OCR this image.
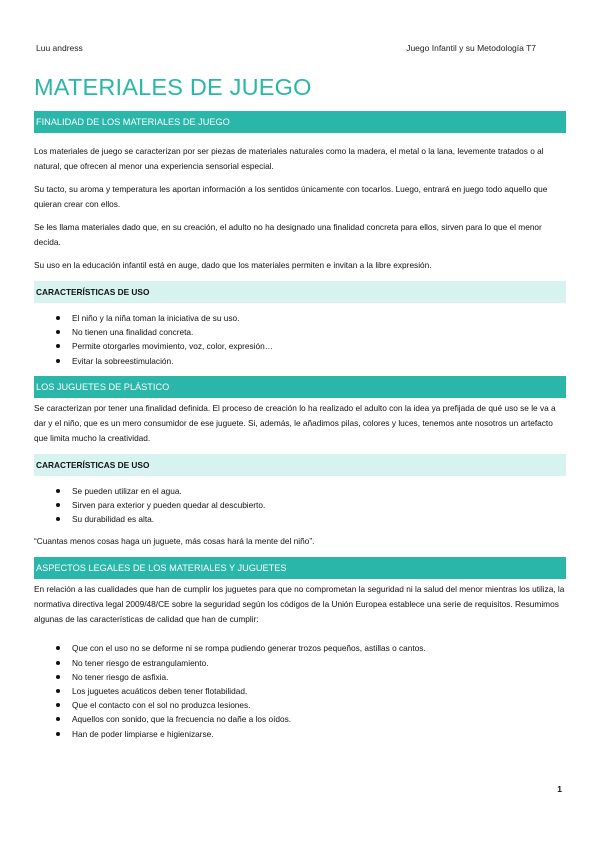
Luu andress	Juego Infantil y su Metodología T7
MATERIALES DE JUEGO
FINALIDAD DE LOS MATERIALES DE JUEGO

Los materiales de juego se caracterizan por ser piezas de materiales naturales como la madera, el metal o la lana, levemente tratados o al natural, que ofrecen al menor una experiencia sensorial especial.

Su tacto, su aroma y temperatura les aportan información a los sentidos únicamente con tocarlos. Luego, entrará en juego todo aquello que quieran crear con ellos.

Se les llama materiales dado que, en su creación, el adulto no ha designado una finalidad concreta para ellos, sirven para lo que el menor decida.

Su uso en la educación infantil está en auge, dado que los materiales permiten e invitan a la libre expresión.

CARACTERÍSTICAS DE USO
El niño y la niña toman la iniciativa de su uso.
No tienen una finalidad concreta.
Permite otorgarles movimiento, voz, color, expresión…
Evitar la sobreestimulación.
LOS JUGUETES DE PLÁSTICO

Se caracterizan por tener una finalidad definida. El proceso de creación lo ha realizado el adulto con la idea ya prefijada de qué uso se le va a dar y el niño, que es un mero consumidor de ese juguete. Si, además, le añadimos pilas, colores y luces, tenemos ante nosotros un artefacto que limita mucho la creatividad.

CARACTERÍSTICAS DE USO
Se pueden utilizar en el agua.
Sirven para exterior y pueden quedar al descubierto.
Su durabilidad es alta.

“Cuantas menos cosas haga un juguete, más cosas hará la mente del niño”.

ASPECTOS LEGALES DE LOS MATERIALES Y JUGUETES

En relación a las cualidades que han de cumplir los juguetes para que no comprometan la seguridad ni la salud del menor mientras los utiliza, la normativa directiva legal 2009/48/CE sobre la seguridad según los códigos de la Unión Europea establece una serie de requisitos. Resumimos algunas de las características de calidad que han de cumplir:

Que con el uso no se deforme ni se rompa pudiendo generar trozos pequeños, astillas o cantos.
No tener riesgo de estrangulamiento.
No tener riesgo de asfixia.
Los juguetes acuáticos deben tener flotabilidad.
Que el contacto con el sol no produzca lesiones.
Aquellos con sonido, que la frecuencia no dañe a los oídos.
Han de poder limpiarse e higienizarse.
1
